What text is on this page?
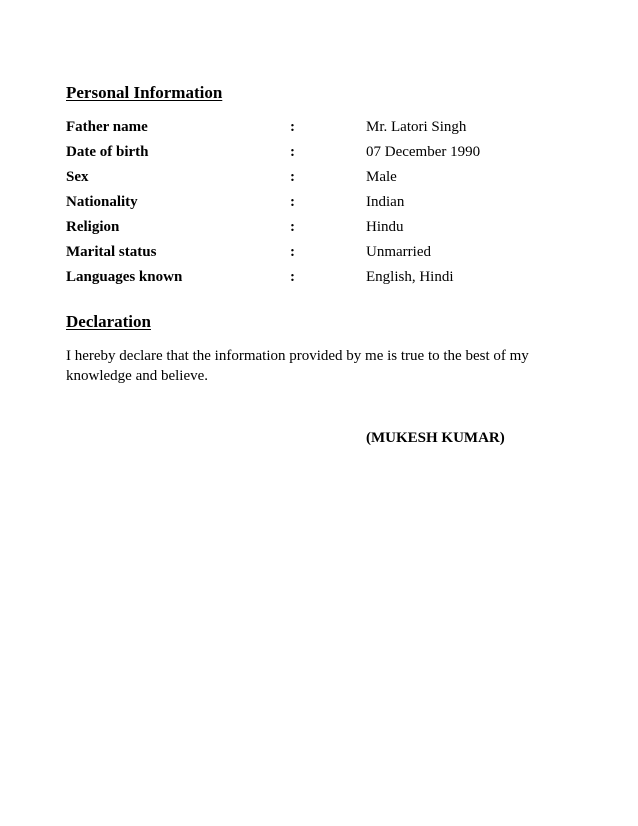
Personal Information
Father name	:	Mr. Latori Singh
Date of birth	:	07 December 1990
Sex	:	Male
Nationality	:	Indian
Religion	:	Hindu
Marital status	:	Unmarried
Languages known	:	English, Hindi
Declaration

I hereby declare that the information provided by me is true to the best of my knowledge and believe.

(MUKESH KUMAR)
